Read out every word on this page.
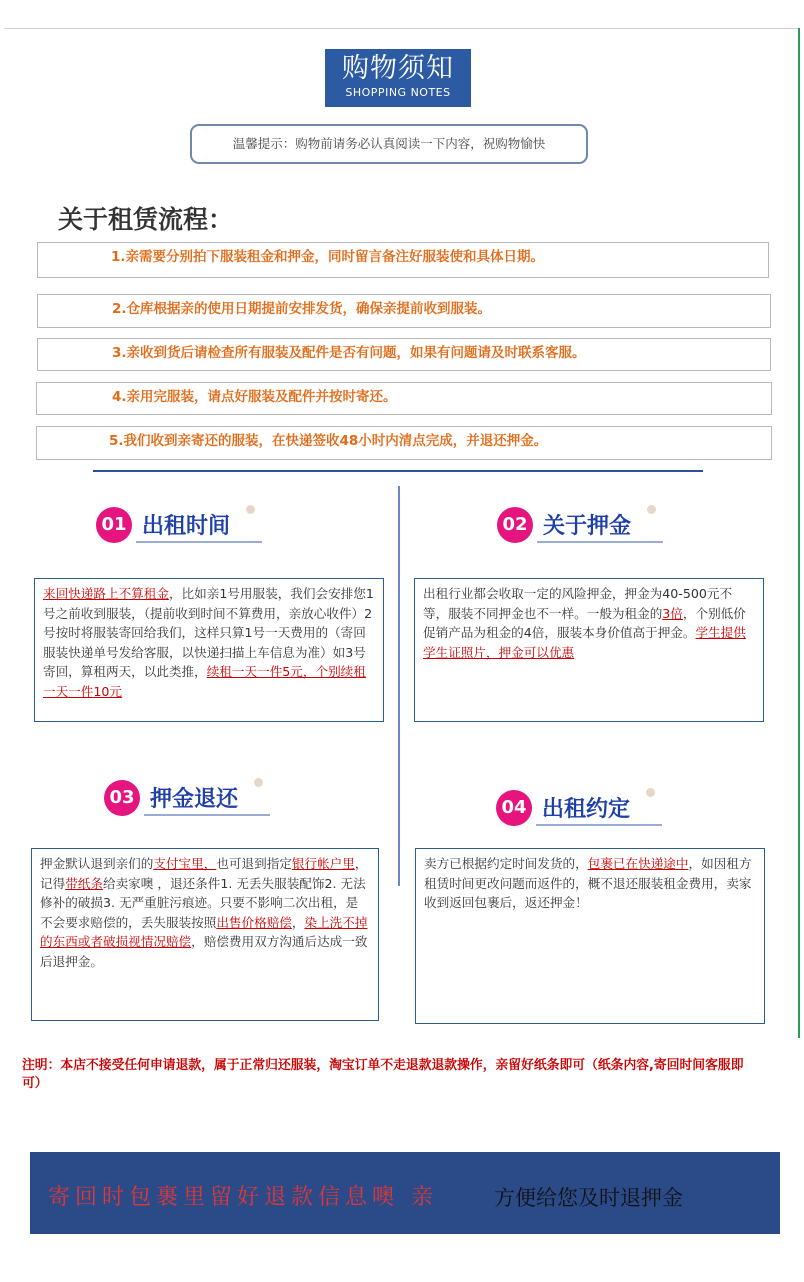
购物须知
SHOPPING NOTES
温馨提示：购物前请务必认真阅读一下内容，祝购物愉快
关于租赁流程：
1.亲需要分别拍下服装租金和押金，同时留言备注好服装使和具体日期。
2.仓库根据亲的使用日期提前安排发货，确保亲提前收到服装。
3.亲收到货后请检查所有服装及配件是否有问题，如果有问题请及时联系客服。
4.亲用完服装，请点好服装及配件并按时寄还。
5.我们收到亲寄还的服装，在快递签收48小时内清点完成，并退还押金。
01 出租时间
来回快递路上不算租金，比如亲1号用服装，我们会安排您1号之前收到服装，（提前收到时间不算费用，亲放心收件）2号按时将服装寄回给我们，这样只算1号一天费用的（寄回服装快递单号发给客服，以快递扫描上车信息为准）如3号寄回，算租两天，以此类推，续租一天一件5元，个别续租一天一件10元
02 关于押金
出租行业都会收取一定的风险押金，押金为40-500元不等，服装不同押金也不一样。一般为租金的3倍，个别低价促销产品为租金的4倍，服装本身价值高于押金。学生提供学生证照片，押金可以优惠
03 押金退还
押金默认退到亲们的支付宝里，也可退到指定银行帐户里，记得带纸条给卖家噢 ，退还条件1. 无丢失服装配饰2. 无法修补的破损3. 无严重脏污痕迹。只要不影响二次出租，是不会要求赔偿的，丢失服装按照出售价格赔偿，染上洗不掉的东西或者破损视情况赔偿，赔偿费用双方沟通后达成一致后退押金。
04 出租约定
卖方已根据约定时间发货的，包裹已在快递途中，如因租方租赁时间更改问题而返件的，概不退还服装租金费用，卖家收到返回包裹后，返还押金！
注明：本店不接受任何申请退款，属于正常归还服装，淘宝订单不走退款退款操作，亲留好纸条即可（纸条内容,寄回时间客服即可）
寄回时包裹里留好退款信息噢 亲	方便给您及时退押金
